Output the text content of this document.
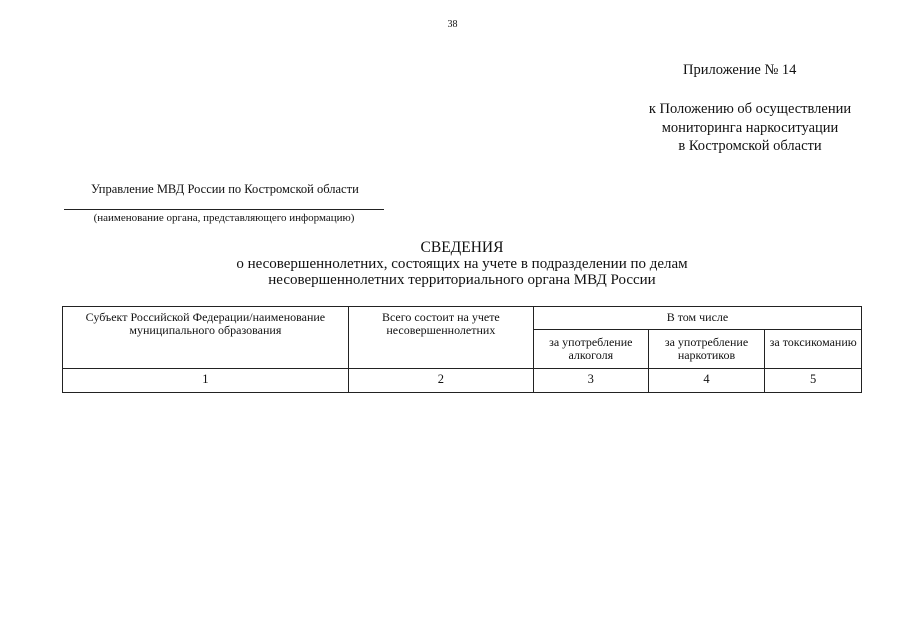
38
Приложение № 14
к Положению об осуществлении
мониторинга наркоситуации
в Костромской области
Управление МВД России по Костромской области
(наименование органа, представляющего информацию)
СВЕДЕНИЯ
о несовершеннолетних, состоящих на учете в подразделении по делам
несовершеннолетних территориального органа МВД России
Субъект Российской Федерации/наименование муниципального образования	Всего состоит на учете несовершеннолетних	В том числе		
		за употребление алкоголя	за употребление наркотиков	за токсикоманию
1	2	3	4	5
